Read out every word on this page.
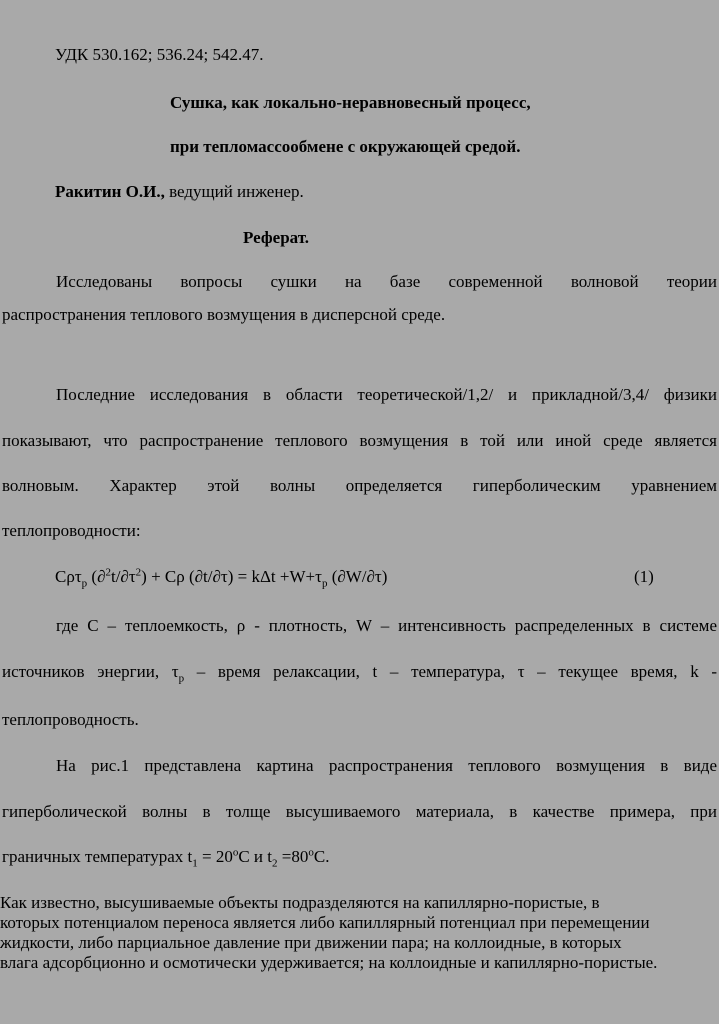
УДК 530.162; 536.24; 542.47.
Сушка, как локально-неравновесный процесс,
при тепломассообмене с окружающей средой.
Ракитин О.И., ведущий инженер.
Реферат.
Исследованы вопросы сушки на базе современной волновой теории
распространения теплового возмущения в дисперсной среде.
Последние исследования в области теоретической/1,2/ и прикладной/3,4/ физики
показывают, что распространение теплового возмущения в той или иной среде является
волновым. Характер этой волны определяется гиперболическим уравнением
теплопроводности:
Cρτ$_p$ $(\partial^2t/\partial\tau^2) + C\rho$ $(\partial t/\partial\tau) = k\Delta t +W+\tau_p$ (∂W/∂τ)	(1)
где C – теплоемкость, ρ - плотность, W – интенсивность распределенных в системе
источников энергии, $\tau_p$ – время релаксации, t – температура, τ – текущее время, k -
теплопроводность.
На рис.1 представлена картина распространения теплового возмущения в виде
гиперболической волны в толще высушиваемого материала, в качестве примера, при
граничных температурах $t_1 = 20^oC$ и $t_2 =80^oC$.
Как известно, высушиваемые объекты подразделяются на капиллярно-пористые, в
которых потенциалом переноса является либо капиллярный потенциал при перемещении
жидкости, либо парциальное давление при движении пара; на коллоидные, в которых
влага адсорбционно и осмотически удерживается; на коллоидные и капиллярно-пористые.
